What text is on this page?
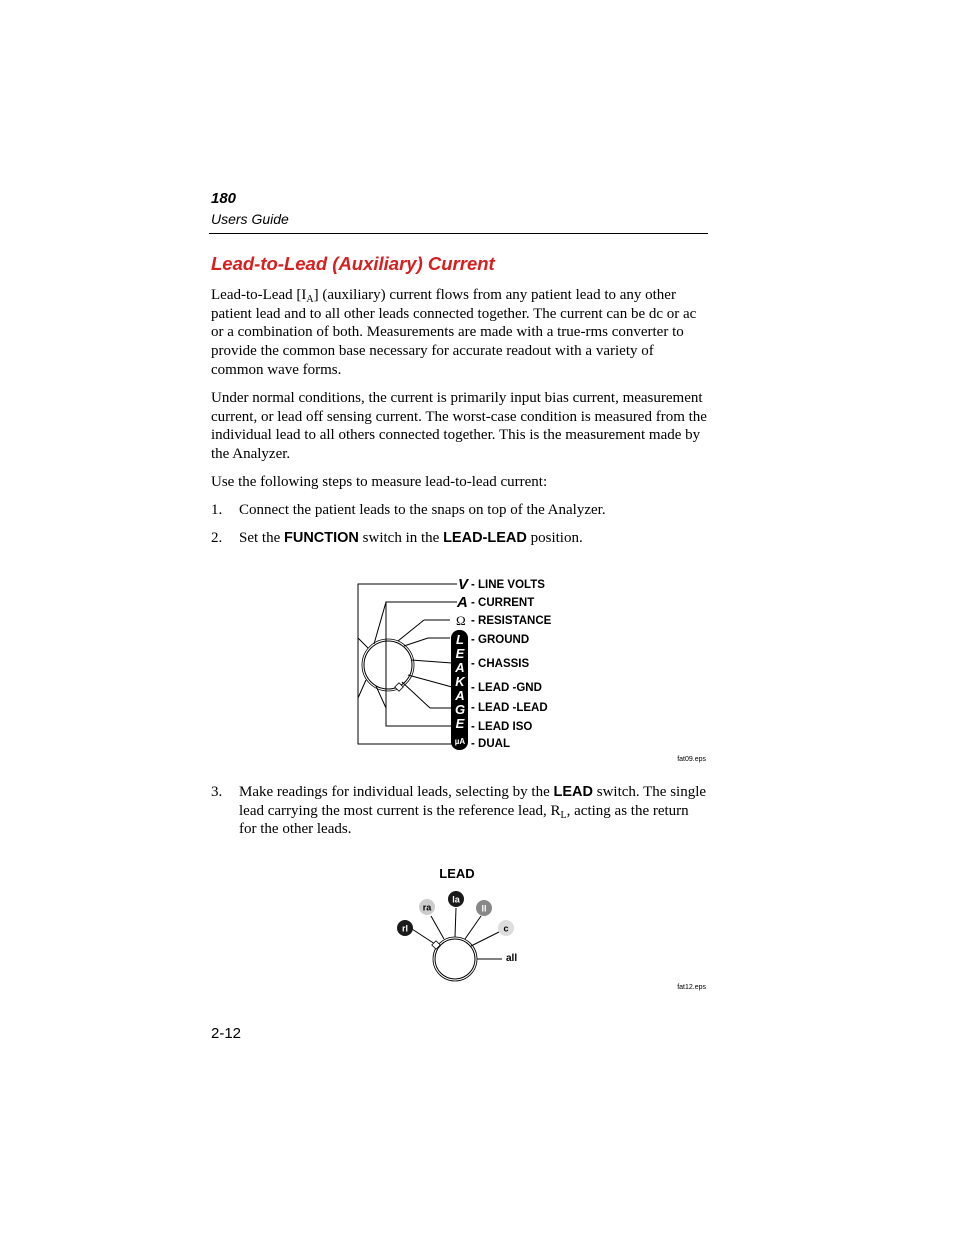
180
Users Guide
Lead-to-Lead (Auxiliary) Current
Lead-to-Lead $[I_A]$ (auxiliary) current flows from any patient lead to any other patient lead and to all other leads connected together. The current can be dc or ac or a combination of both. Measurements are made with a true-rms converter to provide the common base necessary for accurate readout with a variety of common wave forms.
Under normal conditions, the current is primarily input bias current, measurement current, or lead off sensing current. The worst-case condition is measured from the individual lead to all others connected together. This is the measurement made by the Analyzer.
Use the following steps to measure lead-to-lead current:
1. Connect the patient leads to the snaps on top of the Analyzer.
2. Set the FUNCTION switch in the LEAD-LEAD position.
V
A
Ω
L
E
A
K
A
G
E
µA
- LINE VOLTS
- CURRENT
- RESISTANCE
- GROUND
- CHASSIS
- LEAD -GND
- LEAD -LEAD
- LEAD ISO
- DUAL
fat09.eps
3. Make readings for individual leads, selecting by the LEAD switch. The single lead carrying the most current is the reference lead, $R_L$, acting as the return for the other leads.
LEAD
rl
ra
la
ll
c
all
fat12.eps
2-12
